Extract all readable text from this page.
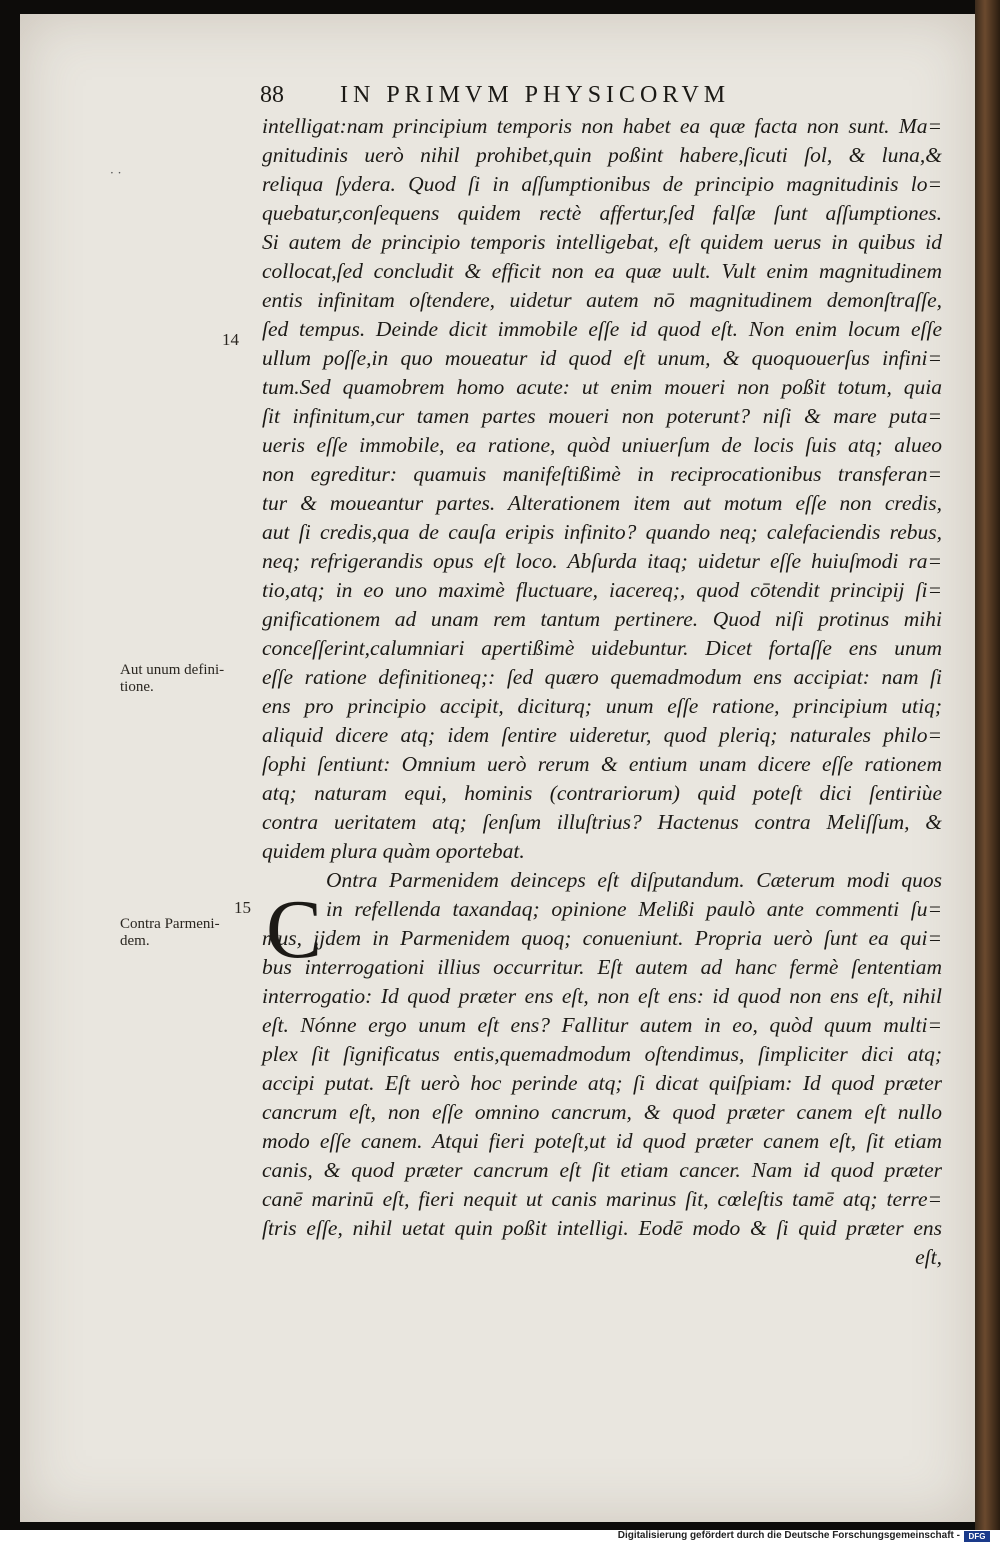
88 IN PRIMVM PHYSICORVM
· ·
14
Aut unum defini-
tione.
15
Contra Parmeni-
dem.
intelligat:nam principium temporis non habet ea quæ facta non sunt. Ma=
gnitudinis uerò nihil prohibet,quin poßint habere,ſicuti ſol, & luna,&
reliqua ſydera. Quod ſi in aſſumptionibus de principio magnitudinis lo=
quebatur,conſequens quidem rectè affertur,ſed falſæ ſunt aſſumptiones.
Si autem de principio temporis intelligebat, eſt quidem uerus in quibus id
collocat,ſed concludit & efficit non ea quæ uult. Vult enim magnitudinem
entis infinitam oſtendere, uidetur autem nō magnitudinem demonſtraſſe,
ſed tempus. Deinde dicit immobile eſſe id quod eſt. Non enim locum eſſe
ullum poſſe,in quo moueatur id quod eſt unum, & quoquouerſus infini=
tum.Sed quamobrem homo acute: ut enim moueri non poßit totum, quia
ſit infinitum,cur tamen partes moueri non poterunt? niſi & mare puta=
ueris eſſe immobile, ea ratione, quòd uniuerſum de locis ſuis atq; alueo
non egreditur: quamuis manifeſtißimè in reciprocationibus transferan=
tur & moueantur partes. Alterationem item aut motum eſſe non credis,
aut ſi credis,qua de cauſa eripis infinito? quando neq; calefaciendis rebus,
neq; refrigerandis opus eſt loco. Abſurda itaq; uidetur eſſe huiuſmodi ra=
tio,atq; in eo uno maximè fluctuare, iacereq;, quod cōtendit principij ſi=
gnificationem ad unam rem tantum pertinere. Quod niſi protinus mihi
conceſſerint,calumniari apertißimè uidebuntur. Dicet fortaſſe ens unum
eſſe ratione definitioneq;: ſed quæro quemadmodum ens accipiat: nam ſi
ens pro principio accipit, diciturq; unum eſſe ratione, principium utiq;
aliquid dicere atq; idem ſentire uideretur, quod pleriq; naturales philo=
ſophi ſentiunt: Omnium uerò rerum & entium unam dicere eſſe rationem
atq; naturam equi, hominis (contrariorum) quid poteſt dici ſentiriùe
contra ueritatem atq; ſenſum illuſtrius? Hactenus contra Meliſſum, &
quidem plura quàm oportebat.
Ontra Parmenidem deinceps eſt diſputandum. Cæterum modi quos
in refellenda taxandaq; opinione Melißi paulò ante commenti ſu=
mus, ijdem in Parmenidem quoq; conueniunt. Propria uerò ſunt ea qui=
bus interrogationi illius occurritur. Eſt autem ad hanc fermè ſententiam
interrogatio: Id quod præter ens eſt, non eſt ens: id quod non ens eſt, nihil
eſt. Nónne ergo unum eſt ens? Fallitur autem in eo, quòd quum multi=
plex ſit ſignificatus entis,quemadmodum oſtendimus, ſimpliciter dici atq;
accipi putat. Eſt uerò hoc perinde atq; ſi dicat quiſpiam: Id quod præter
cancrum eſt, non eſſe omnino cancrum, & quod præter canem eſt nullo
modo eſſe canem. Atqui fieri poteſt,ut id quod præter canem eſt, ſit etiam
canis, & quod præter cancrum eſt ſit etiam cancer. Nam id quod præter
canē marinū eſt, fieri nequit ut canis marinus ſit, cœleſtis tamē atq; terre=
ſtris eſſe, nihil uetat quin poßit intelligi. Eodē modo & ſi quid præter ens
eſt,
C
Digitalisierung gefördert durch die Deutsche Forschungsgemeinschaft -	DFG
